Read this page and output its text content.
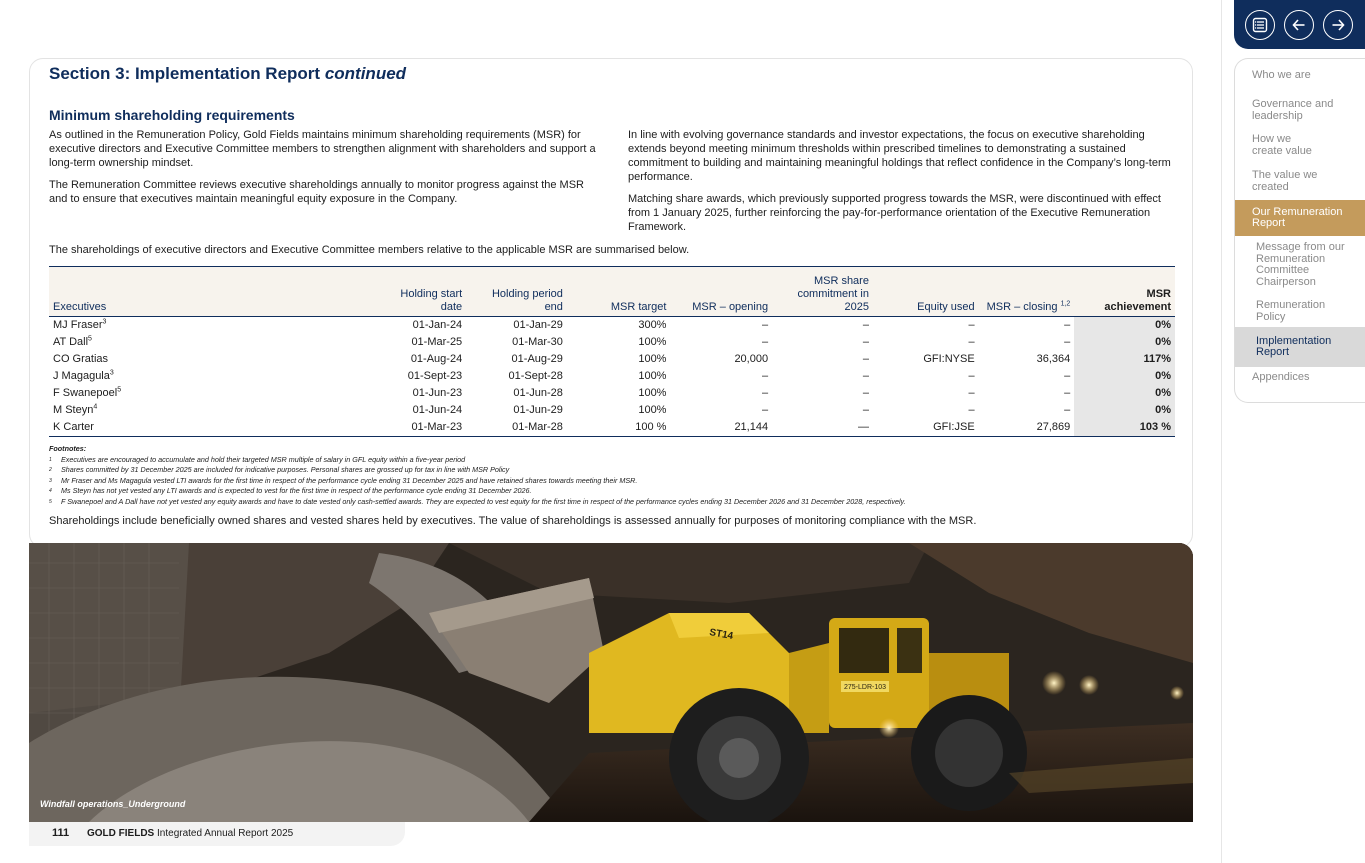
Section 3: Implementation Report continued
Minimum shareholding requirements

As outlined in the Remuneration Policy, Gold Fields maintains minimum shareholding requirements (MSR) for executive directors and Executive Committee members to strengthen alignment with shareholders and support a long-term ownership mindset.

The Remuneration Committee reviews executive shareholdings annually to monitor progress against the MSR and to ensure that executives maintain meaningful equity exposure in the Company.

In line with evolving governance standards and investor expectations, the focus on executive shareholding extends beyond meeting minimum thresholds within prescribed timelines to demonstrating a sustained commitment to building and maintaining meaningful holdings that reflect confidence in the Company’s long-term performance.

Matching share awards, which previously supported progress towards the MSR, were discontinued with effect from 1 January 2025, further reinforcing the pay-for-performance orientation of the Executive Remuneration Framework.

The shareholdings of executive directors and Executive Committee members relative to the applicable MSR are summarised below.
Executives	Holding start date	Holding period end	MSR target	MSR – opening	MSR share commitment in 2025	Equity used	MSR – closing $^{1,2}$	MSR achievement
MJ Fraser$^3$	01-Jan-24	01-Jan-29	300%	–	–	–	–	0%
AT Dall$^5$	01-Mar-25	01-Mar-30	100%	–	–	–	–	0%
CO Gratias	01-Aug-24	01-Aug-29	100%	20,000	–	GFI:NYSE	36,364	117%
J Magagula$^3$	01-Sept-23	01-Sept-28	100%	–	–	–	–	0%
F Swanepoel$^5$	01-Jun-23	01-Jun-28	100%	–	–	–	–	0%
M Steyn$^4$	01-Jun-24	01-Jun-29	100%	–	–	–	–	0%
K Carter	01-Mar-23	01-Mar-28	100 %	21,144	—	GFI:JSE	27,869	103 %
Footnotes:
1	Executives are encouraged to accumulate and hold their targeted MSR multiple of salary in GFL equity within a five-year period
2	Shares committed by 31 December 2025 are included for indicative purposes. Personal shares are grossed up for tax in line with MSR Policy
3	Mr Fraser and Ms Magagula vested LTI awards for the first time in respect of the performance cycle ending 31 December 2025 and have retained shares towards meeting their MSR.
4	Ms Steyn has not yet vested any LTI awards and is expected to vest for the first time in respect of the performance cycle ending 31 December 2026.
5	F Swanepoel and A Dall have not yet vested any equity awards and have to date vested only cash-settled awards. They are expected to vest equity for the first time in respect of the performance cycles ending 31 December 2026 and 31 December 2028, respectively.
Shareholdings include beneficially owned shares and vested shares held by executives. The value of shareholdings is assessed annually for purposes of monitoring compliance with the MSR.
275-LDR-103
ST14
Windfall operations_Underground
111 GOLD FIELDS Integrated Annual Report 2025
Who we are
Governance and leadership
How we create value
The value we created
Our Remuneration Report
Message from our Remuneration Committee Chairperson
Remuneration Policy
Implementation Report
Appendices
